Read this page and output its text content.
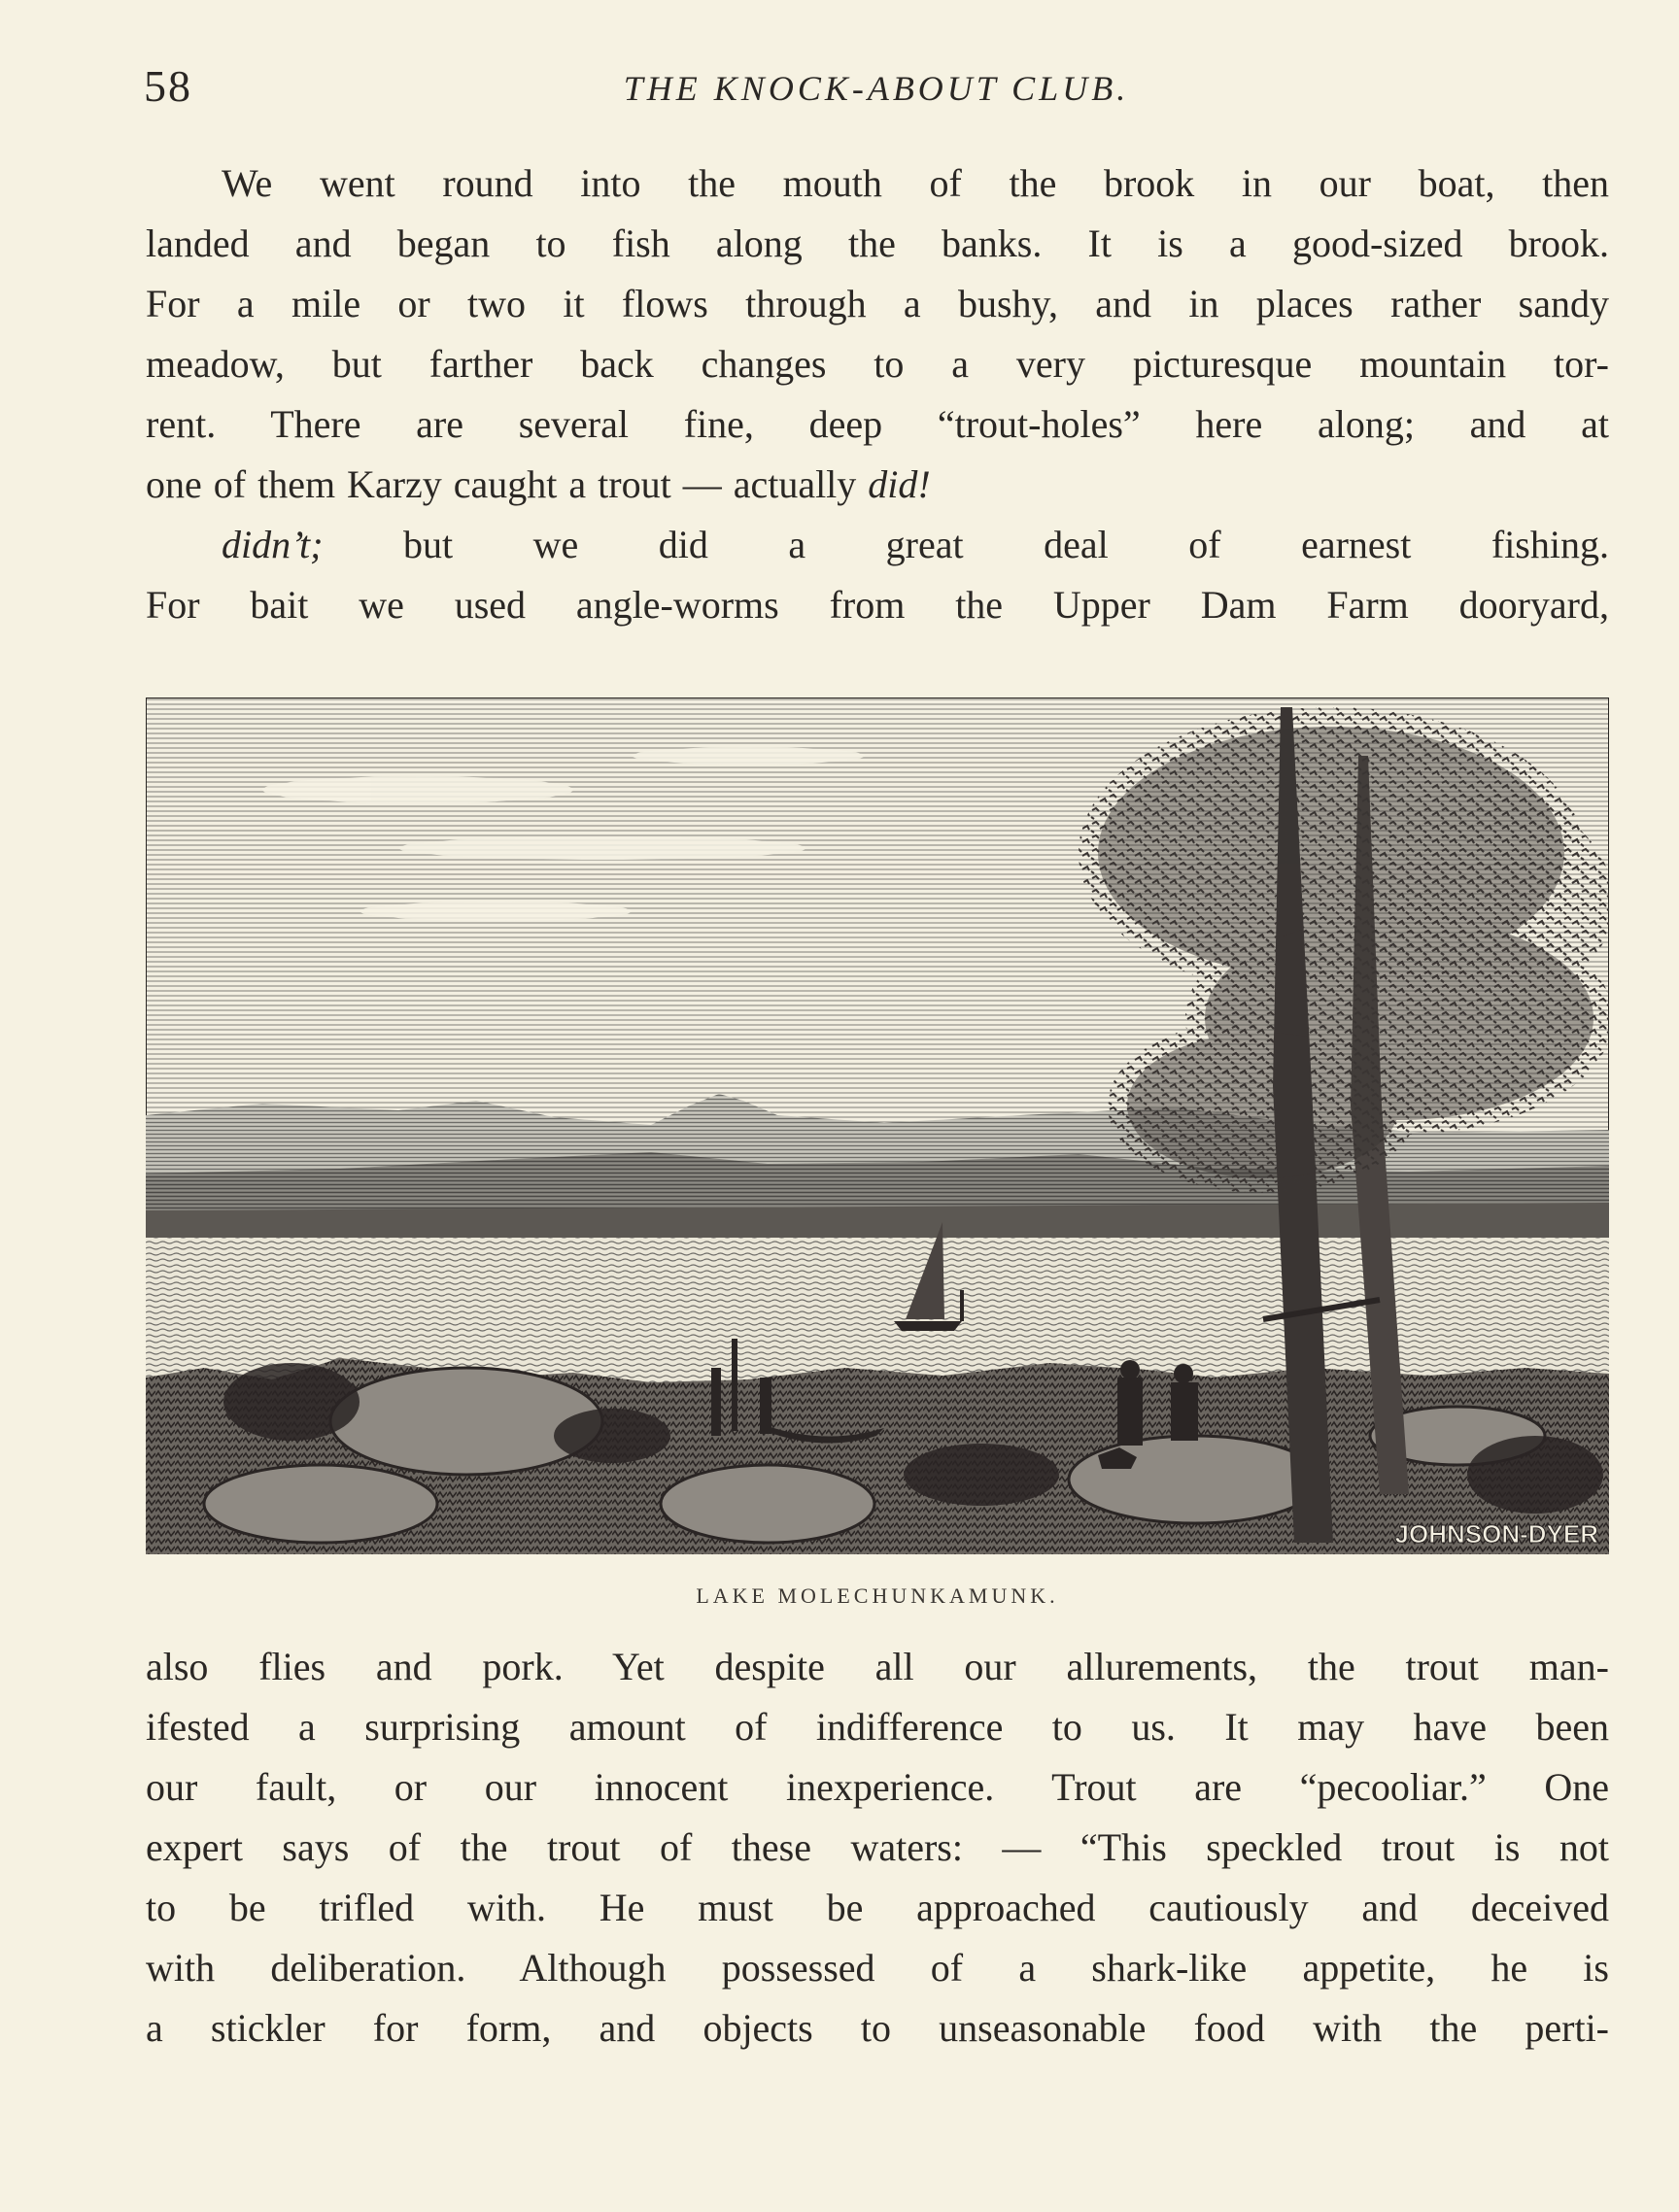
58	THE KNOCK-ABOUT CLUB.
We went round into the mouth of the brook in our boat, then
landed and began to fish along the banks. It is a good-sized brook.
For a mile or two it flows through a bushy, and in places rather sandy
meadow, but farther back changes to a very picturesque mountain tor-
rent. There are several fine, deep “trout-holes” here along; and at
one of them Karzy caught a trout — actually did!
didn’t; but we did a great deal of earnest fishing.
For bait we used angle-worms from the Upper Dam Farm dooryard,
JOHNSON-DYER
LAKE MOLECHUNKAMUNK.
also flies and pork. Yet despite all our allurements, the trout man-
ifested a surprising amount of indifference to us. It may have been
our fault, or our innocent inexperience. Trout are “pecooliar.” One
expert says of the trout of these waters: — “This speckled trout is not
to be trifled with. He must be approached cautiously and deceived
with deliberation. Although possessed of a shark-like appetite, he is
a stickler for form, and objects to unseasonable food with the perti-
